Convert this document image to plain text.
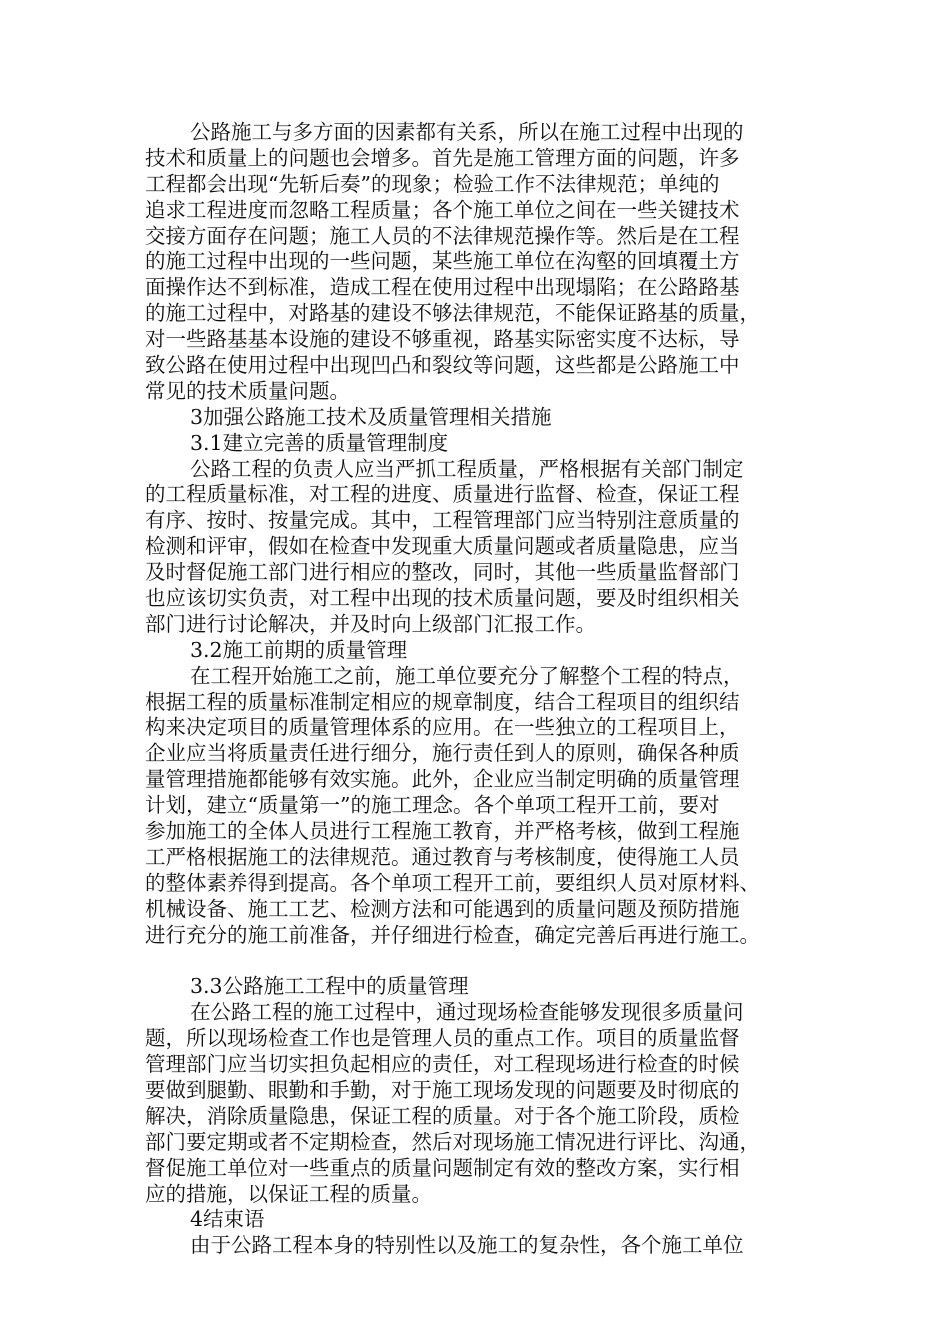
公路施工与多方面的因素都有关系，所以在施工过程中出现的
技术和质量上的问题也会增多。首先是施工管理方面的问题，许多
工程都会出现“先斩后奏”的现象；检验工作不法律规范；单纯的
追求工程进度而忽略工程质量；各个施工单位之间在一些关键技术
交接方面存在问题；施工人员的不法律规范操作等。然后是在工程
的施工过程中出现的一些问题，某些施工单位在沟壑的回填覆土方
面操作达不到标准，造成工程在使用过程中出现塌陷；在公路路基
的施工过程中，对路基的建设不够法律规范，不能保证路基的质量，
对一些路基基本设施的建设不够重视，路基实际密实度不达标，导
致公路在使用过程中出现凹凸和裂纹等问题，这些都是公路施工中
常见的技术质量问题。
3加强公路施工技术及质量管理相关措施
3.1建立完善的质量管理制度
公路工程的负责人应当严抓工程质量，严格根据有关部门制定
的工程质量标准，对工程的进度、质量进行监督、检查，保证工程
有序、按时、按量完成。其中，工程管理部门应当特别注意质量的
检测和评审，假如在检查中发现重大质量问题或者质量隐患，应当
及时督促施工部门进行相应的整改，同时，其他一些质量监督部门
也应该切实负责，对工程中出现的技术质量问题，要及时组织相关
部门进行讨论解决，并及时向上级部门汇报工作。
3.2施工前期的质量管理
在工程开始施工之前，施工单位要充分了解整个工程的特点，
根据工程的质量标准制定相应的规章制度，结合工程项目的组织结
构来决定项目的质量管理体系的应用。在一些独立的工程项目上，
企业应当将质量责任进行细分，施行责任到人的原则，确保各种质
量管理措施都能够有效实施。此外，企业应当制定明确的质量管理
计划，建立“质量第一”的施工理念。各个单项工程开工前，要对
参加施工的全体人员进行工程施工教育，并严格考核，做到工程施
工严格根据施工的法律规范。通过教育与考核制度，使得施工人员
的整体素养得到提高。各个单项工程开工前，要组织人员对原材料、
机械设备、施工工艺、检测方法和可能遇到的质量问题及预防措施
进行充分的施工前准备，并仔细进行检查，确定完善后再进行施工。
3.3公路施工工程中的质量管理
在公路工程的施工过程中，通过现场检查能够发现很多质量问
题，所以现场检查工作也是管理人员的重点工作。项目的质量监督
管理部门应当切实担负起相应的责任，对工程现场进行检查的时候
要做到腿勤、眼勤和手勤，对于施工现场发现的问题要及时彻底的
解决，消除质量隐患，保证工程的质量。对于各个施工阶段，质检
部门要定期或者不定期检查，然后对现场施工情况进行评比、沟通，
督促施工单位对一些重点的质量问题制定有效的整改方案，实行相
应的措施，以保证工程的质量。
4结束语
由于公路工程本身的特别性以及施工的复杂性，各个施工单位
